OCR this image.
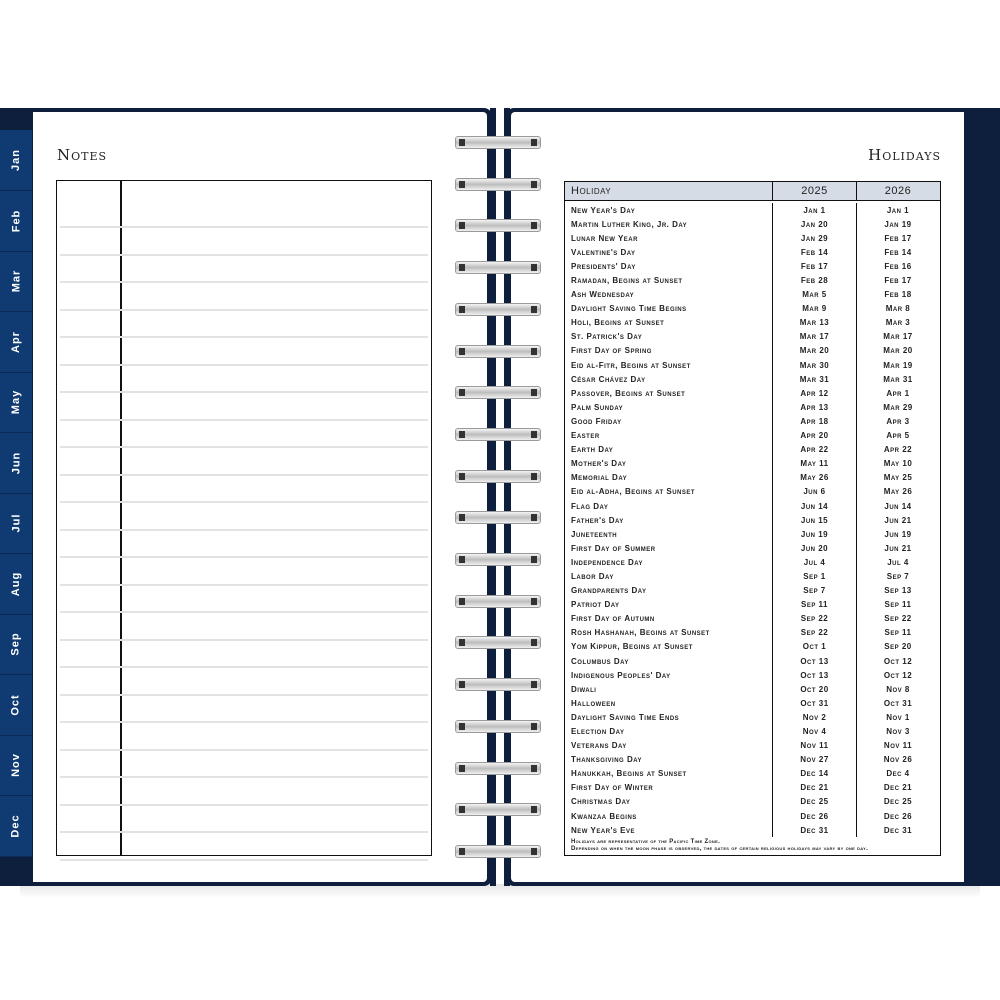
Jan
Feb
Mar
Apr
May
Jun
Jul
Aug
Sep
Oct
Nov
Dec
Notes	Holidays
Holiday	2025	2026
New Year's Day	Jan 1	Jan 1
Martin Luther King, Jr. Day	Jan 20	Jan 19
Lunar New Year	Jan 29	Feb 17
Valentine's Day	Feb 14	Feb 14
Presidents' Day	Feb 17	Feb 16
Ramadan, Begins at Sunset	Feb 28	Feb 17
Ash Wednesday	Mar 5	Feb 18
Daylight Saving Time Begins	Mar 9	Mar 8
Holi, Begins at Sunset	Mar 13	Mar 3
St. Patrick's Day	Mar 17	Mar 17
First Day of Spring	Mar 20	Mar 20
Eid al-Fitr, Begins at Sunset	Mar 30	Mar 19
César Chávez Day	Mar 31	Mar 31
Passover, Begins at Sunset	Apr 12	Apr 1
Palm Sunday	Apr 13	Mar 29
Good Friday	Apr 18	Apr 3
Easter	Apr 20	Apr 5
Earth Day	Apr 22	Apr 22
Mother's Day	May 11	May 10
Memorial Day	May 26	May 25
Eid al-Adha, Begins at Sunset	Jun 6	May 26
Flag Day	Jun 14	Jun 14
Father's Day	Jun 15	Jun 21
Juneteenth	Jun 19	Jun 19
First Day of Summer	Jun 20	Jun 21
Independence Day	Jul 4	Jul 4
Labor Day	Sep 1	Sep 7
Grandparents Day	Sep 7	Sep 13
Patriot Day	Sep 11	Sep 11
First Day of Autumn	Sep 22	Sep 22
Rosh Hashanah, Begins at Sunset	Sep 22	Sep 11
Yom Kippur, Begins at Sunset	Oct 1	Sep 20
Columbus Day	Oct 13	Oct 12
Indigenous Peoples' Day	Oct 13	Oct 12
Diwali	Oct 20	Nov 8
Halloween	Oct 31	Oct 31
Daylight Saving Time Ends	Nov 2	Nov 1
Election Day	Nov 4	Nov 3
Veterans Day	Nov 11	Nov 11
Thanksgiving Day	Nov 27	Nov 26
Hanukkah, Begins at Sunset	Dec 14	Dec 4
First Day of Winter	Dec 21	Dec 21
Christmas Day	Dec 25	Dec 25
Kwanzaa Begins	Dec 26	Dec 26
New Year's Eve	Dec 31	Dec 31
Holidays are representative of the Pacific Time Zone.
Depending on when the moon phase is observed, the dates of certain religious holidays may vary by one day.
